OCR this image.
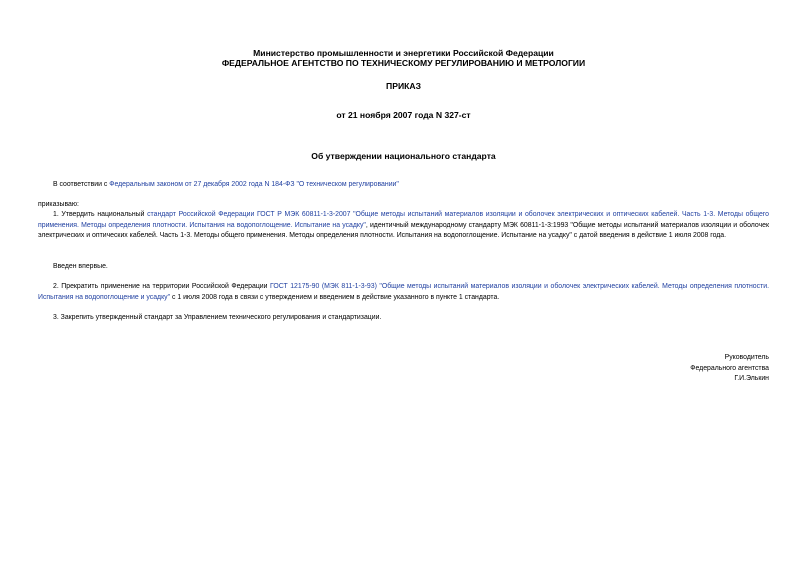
Министерство промышленности и энергетики Российской Федерации
ФЕДЕРАЛЬНОЕ АГЕНТСТВО ПО ТЕХНИЧЕСКОМУ РЕГУЛИРОВАНИЮ И МЕТРОЛОГИИ
ПРИКАЗ
от 21 ноября 2007 года N 327-ст
Об утверждении национального стандарта
В соответствии с Федеральным законом от 27 декабря 2002 года N 184-ФЗ "О техническом регулировании"
приказываю:
1. Утвердить национальный стандарт Российской Федерации ГОСТ Р МЭК 60811-1-3-2007 "Общие методы испытаний материалов изоляции и оболочек электрических и оптических кабелей. Часть 1-3. Методы общего применения. Методы определения плотности. Испытания на водопоглощение. Испытание на усадку", идентичный международному стандарту МЭК 60811-1-3:1993 "Общие методы испытаний материалов изоляции и оболочек электрических и оптических кабелей. Часть 1-3. Методы общего применения. Методы определения плотности. Испытания на водопоглощение. Испытание на усадку" с датой введения в действие 1 июля 2008 года.
Введен впервые.
2. Прекратить применение на территории Российской Федерации ГОСТ 12175-90 (МЭК 811-1-3-93) "Общие методы испытаний материалов изоляции и оболочек электрических кабелей. Методы определения плотности. Испытания на водопоглощение и усадку" с 1 июля 2008 года в связи с утверждением и введением в действие указанного в пункте 1 стандарта.
3. Закрепить утвержденный стандарт за Управлением технического регулирования и стандартизации.
Руководитель
Федерального агентства
Г.И.Элькин
